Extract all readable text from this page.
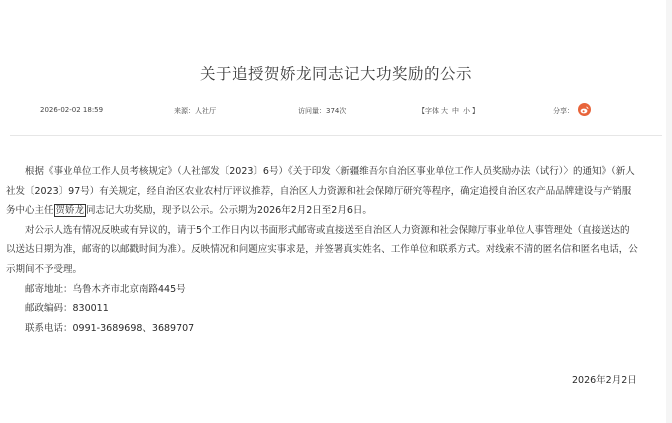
关于追授贺娇龙同志记大功奖励的公示
2026-02-02 18:59	来源：人社厅	访问量：374次	【字体 大 中 小 】	分享：

根据《事业单位工作人员考核规定》（人社部发〔2023〕6号）《关于印发〈新疆维吾尔自治区事业单位工作人员奖励办法（试行）〉的通知》（新人社发〔2023〕97号）有关规定，经自治区农业农村厅评议推荐，自治区人力资源和社会保障厅研究等程序，确定追授自治区农产品品牌建设与产销服务中心主任 贺娇龙 同志记大功奖励，现予以公示。公示期为2026年2月2日至2月6日。

对公示人选有情况反映或有异议的，请于5个工作日内以书面形式邮寄或直接送至自治区人力资源和社会保障厅事业单位人事管理处（直接送达的以送达日期为准，邮寄的以邮戳时间为准）。反映情况和问题应实事求是，并签署真实姓名、工作单位和联系方式。对线索不清的匿名信和匿名电话，公示期间不予受理。

邮寄地址：乌鲁木齐市北京南路445号

邮政编码：830011

联系电话：0991-3689698、3689707

2026年2月2日
